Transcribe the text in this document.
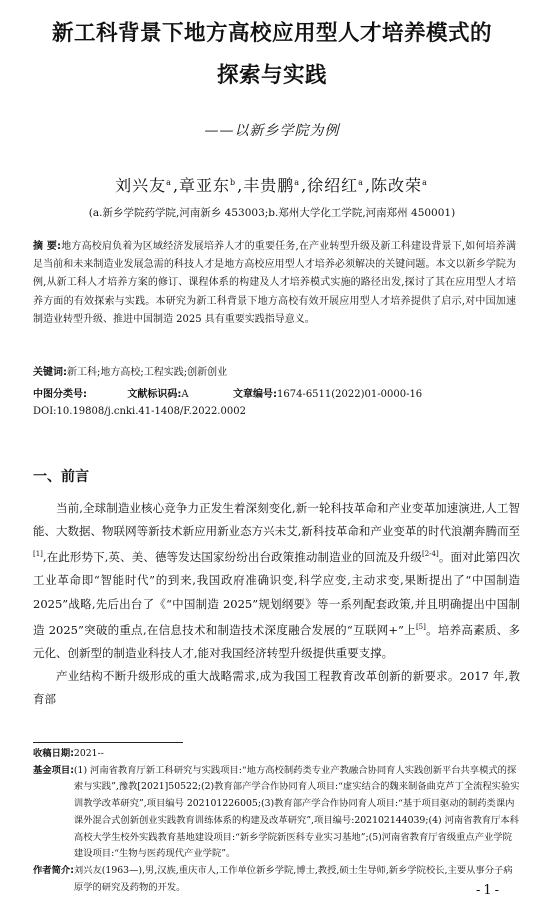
新工科背景下地方高校应用型人才培养模式的
探索与实践
——以新乡学院为例
刘兴友$^a$,章亚东$^b$,丰贵鹏$^a$,徐绍红$^a$,陈改荣$^a$
(a.新乡学院药学院,河南新乡 453003;b.郑州大学化工学院,河南郑州 450001)
摘 要:地方高校肩负着为区域经济发展培养人才的重要任务,在产业转型升级及新工科建设背景下,如何培养满足当前和未来制造业发展急需的科技人才是地方高校应用型人才培养必须解决的关键问题。本文以新乡学院为例,从新工科人才培养方案的修订、课程体系的构建及人才培养模式实施的路径出发,探讨了其在应用型人才培养方面的有效探索与实践。本研究为新工科背景下地方高校有效开展应用型人才培养提供了启示,对中国加速制造业转型升级、推进中国制造 2025 具有重要实践指导意义。
关键词:新工科;地方高校;工程实践;创新创业
中图分类号:	文献标识码:A	文章编号:1674-6511(2022)01-0000-16
DOI:10.19808/j.cnki.41-1408/F.2022.0002
一、前言

当前,全球制造业核心竞争力正发生着深刻变化,新一轮科技革命和产业变革加速演进,人工智能、大数据、物联网等新技术新应用新业态方兴未艾,新科技革命和产业变革的时代浪潮奔腾而至[1],在此形势下,英、美、德等发达国家纷纷出台政策推动制造业的回流及升级[2-4]。面对此第四次工业革命即“智能时代”的到来,我国政府准确识变,科学应变,主动求变,果断提出了“中国制造 2025”战略,先后出台了《“中国制造 2025”规划纲要》等一系列配套政策,并且明确提出中国制造 2025”突破的重点,在信息技术和制造技术深度融合发展的“互联网+”上[5]。培养高素质、多元化、创新型的制造业科技人才,能对我国经济转型升级提供重要支撑。

产业结构不断升级形成的重大战略需求,成为我国工程教育改革创新的新要求。2017 年,教育部

收稿日期: 2021--
基金项目: (1) 河南省教育厅新工科研究与实践项目:“地方高校制药类专业产教融合协同育人实践创新平台共享模式的探索与实践”,豫教[2021]50522;(2)教育部产学合作协同育人项目:“虚实结合的魏来制备曲克芦丁全流程实验实训教学改革研究”,项目编号 202101226005;(3)教育部产学合作协同育人项目:“基于项目驱动的制药类课内课外混合式创新创业实践教育训练体系的构建及改革研究”,项目编号:202102144039;(4) 河南省教育厅本科高校大学生校外实践教育基地建设项目:“新乡学院新医科专业实习基地”;(5)河南省教育厅省级重点产业学院建设项目:“生物与医药现代产业学院”。
作者简介: 刘兴友(1963—),男,汉族,重庆市人,工作单位新乡学院,博士,教授,硕士生导师,新乡学院校长,主要从事分子病原学的研究及药物的开发。	-1-
